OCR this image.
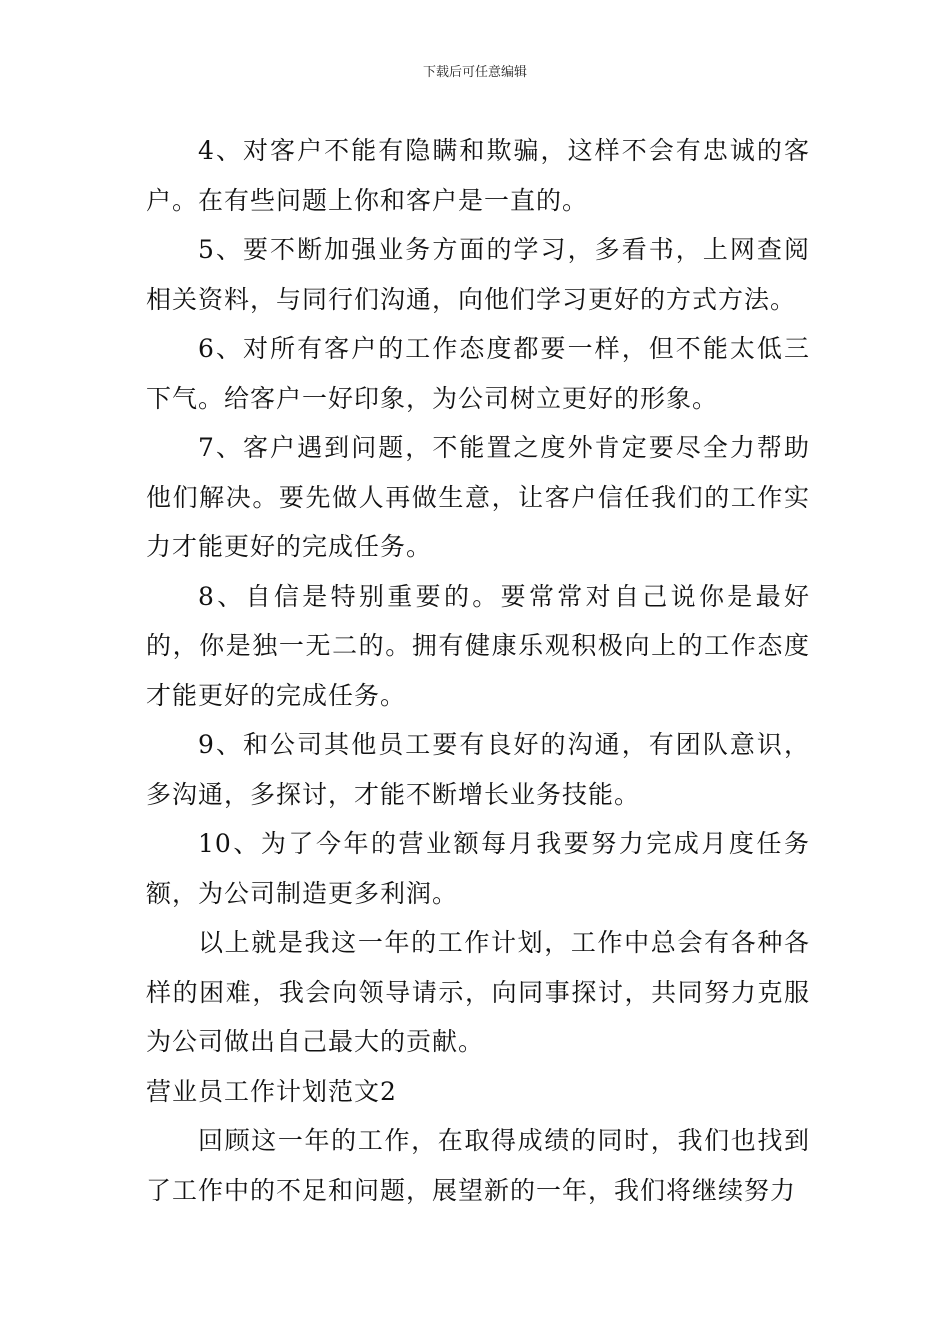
下载后可任意编辑

4、对客户不能有隐瞒和欺骗，这样不会有忠诚的客户。在有些问题上你和客户是一直的。

5、要不断加强业务方面的学习，多看书，上网查阅相关资料，与同行们沟通，向他们学习更好的方式方法。

6、对所有客户的工作态度都要一样，但不能太低三下气。给客户一好印象，为公司树立更好的形象。

7、客户遇到问题，不能置之度外肯定要尽全力帮助他们解决。要先做人再做生意，让客户信任我们的工作实力才能更好的完成任务。

8、自信是特别重要的。要常常对自己说你是最好的，你是独一无二的。拥有健康乐观积极向上的工作态度才能更好的完成任务。

9、和公司其他员工要有良好的沟通，有团队意识，多沟通，多探讨，才能不断增长业务技能。

10、为了今年的营业额每月我要努力完成月度任务额，为公司制造更多利润。

以上就是我这一年的工作计划，工作中总会有各种各样的困难，我会向领导请示，向同事探讨，共同努力克服为公司做出自己最大的贡献。

营业员工作计划范文2

回顾这一年的工作，在取得成绩的同时，我们也找到了工作中的不足和问题，展望新的一年，我们将继续努力
